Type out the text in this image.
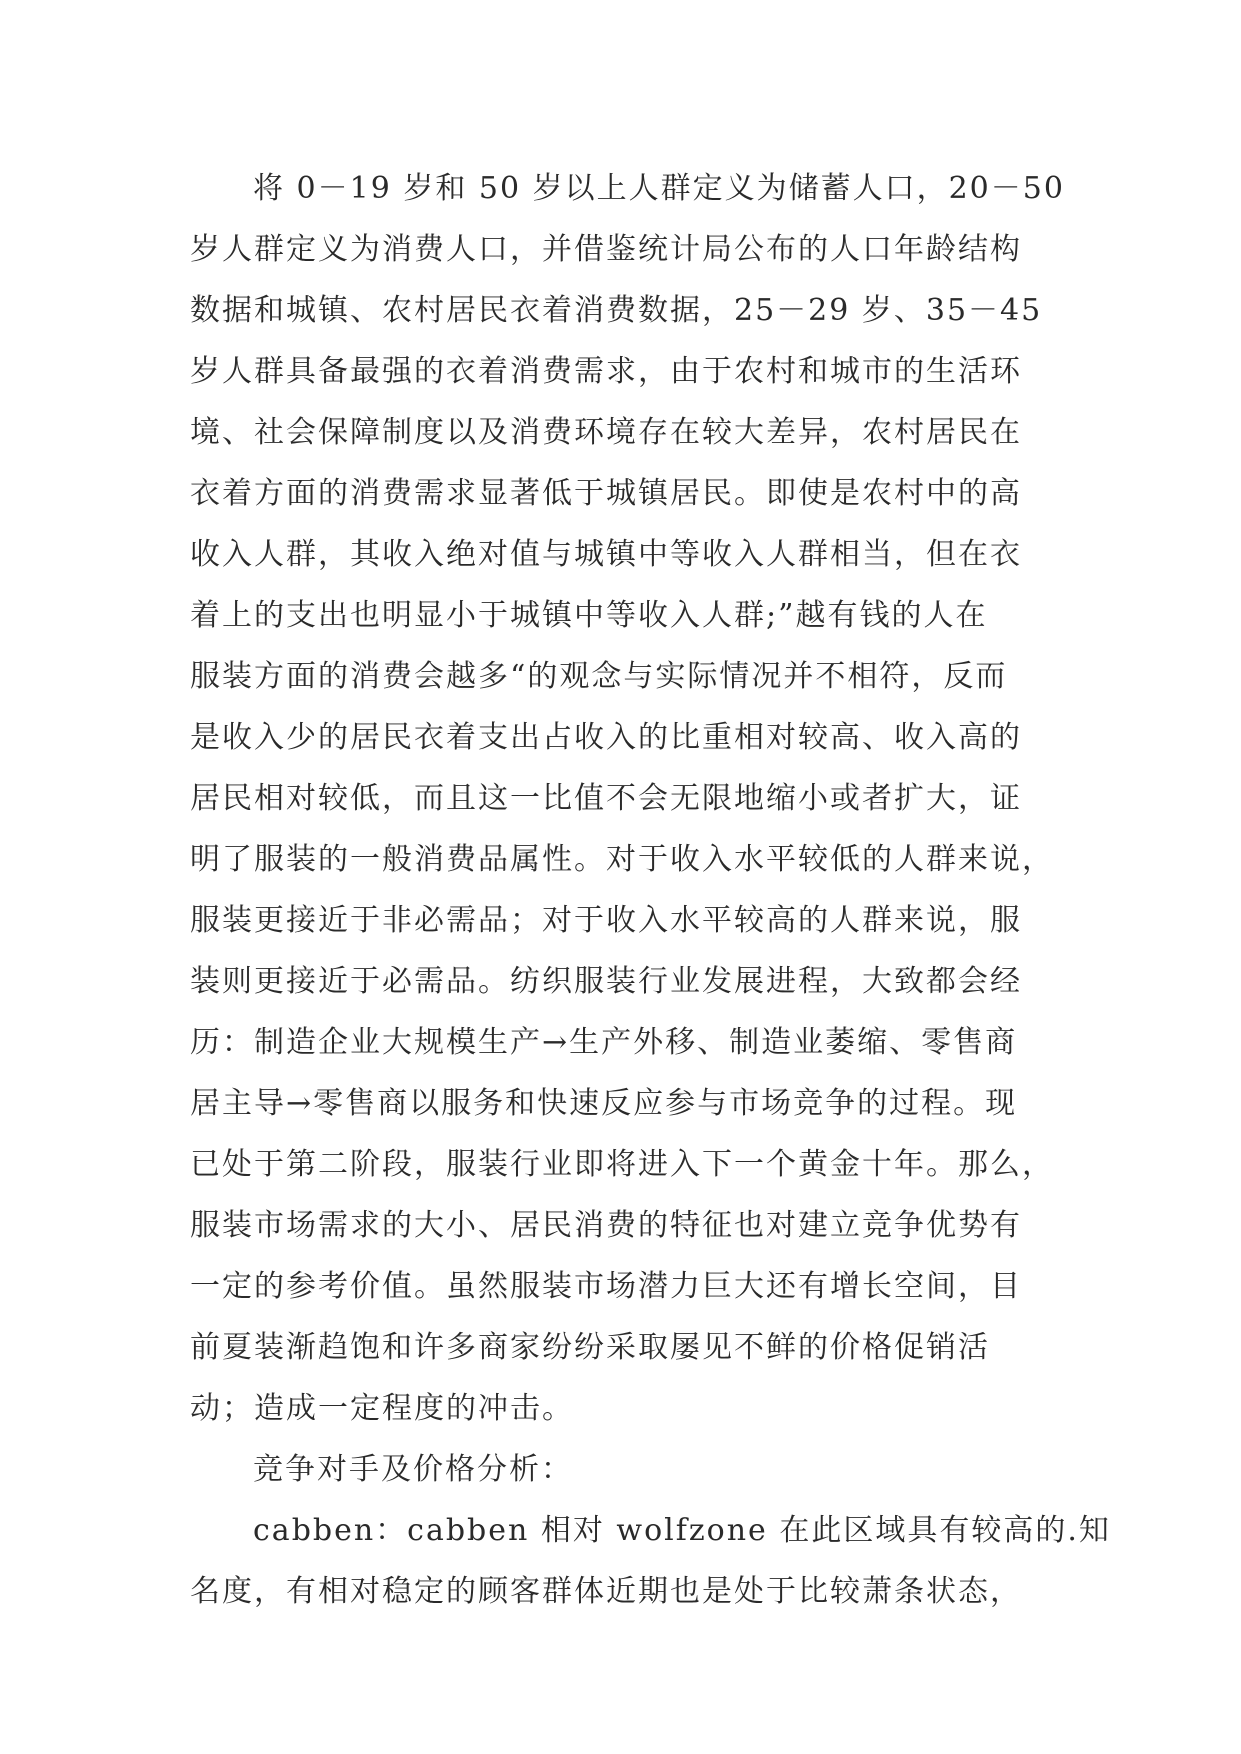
将 0－19 岁和 50 岁以上人群定义为储蓄人口，20－50
岁人群定义为消费人口，并借鉴统计局公布的人口年龄结构
数据和城镇、农村居民衣着消费数据，25－29 岁、35－45
岁人群具备最强的衣着消费需求，由于农村和城市的生活环
境、社会保障制度以及消费环境存在较大差异，农村居民在
衣着方面的消费需求显著低于城镇居民。即使是农村中的高
收入人群，其收入绝对值与城镇中等收入人群相当，但在衣
着上的支出也明显小于城镇中等收入人群;”越有钱的人在
服装方面的消费会越多“的观念与实际情况并不相符，反而
是收入少的居民衣着支出占收入的比重相对较高、收入高的
居民相对较低，而且这一比值不会无限地缩小或者扩大，证
明了服装的一般消费品属性。对于收入水平较低的人群来说，
服装更接近于非必需品；对于收入水平较高的人群来说，服
装则更接近于必需品。纺织服装行业发展进程，大致都会经
历：制造企业大规模生产→生产外移、制造业萎缩、零售商
居主导→零售商以服务和快速反应参与市场竞争的过程。现
已处于第二阶段，服装行业即将进入下一个黄金十年。那么，
服装市场需求的大小、居民消费的特征也对建立竞争优势有
一定的参考价值。虽然服装市场潜力巨大还有增长空间，目
前夏装渐趋饱和许多商家纷纷采取屡见不鲜的价格促销活
动；造成一定程度的冲击。
竞争对手及价格分析：
cabben：cabben 相对 wolfzone 在此区域具有较高的.知
名度，有相对稳定的顾客群体近期也是处于比较萧条状态，
